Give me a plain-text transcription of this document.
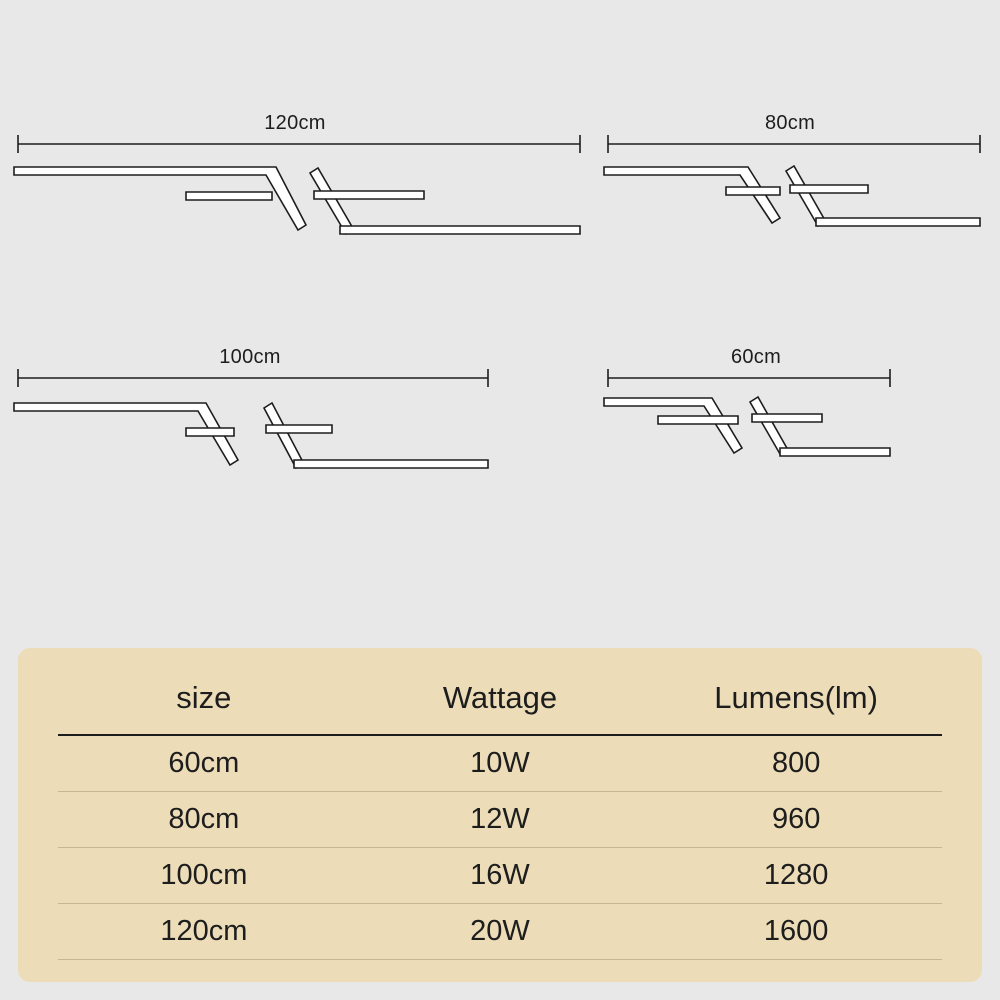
120cm	80cm
100cm	60cm
size	Wattage	Lumens(lm)
60cm	10W	800
80cm	12W	960
100cm	16W	1280
120cm	20W	1600
